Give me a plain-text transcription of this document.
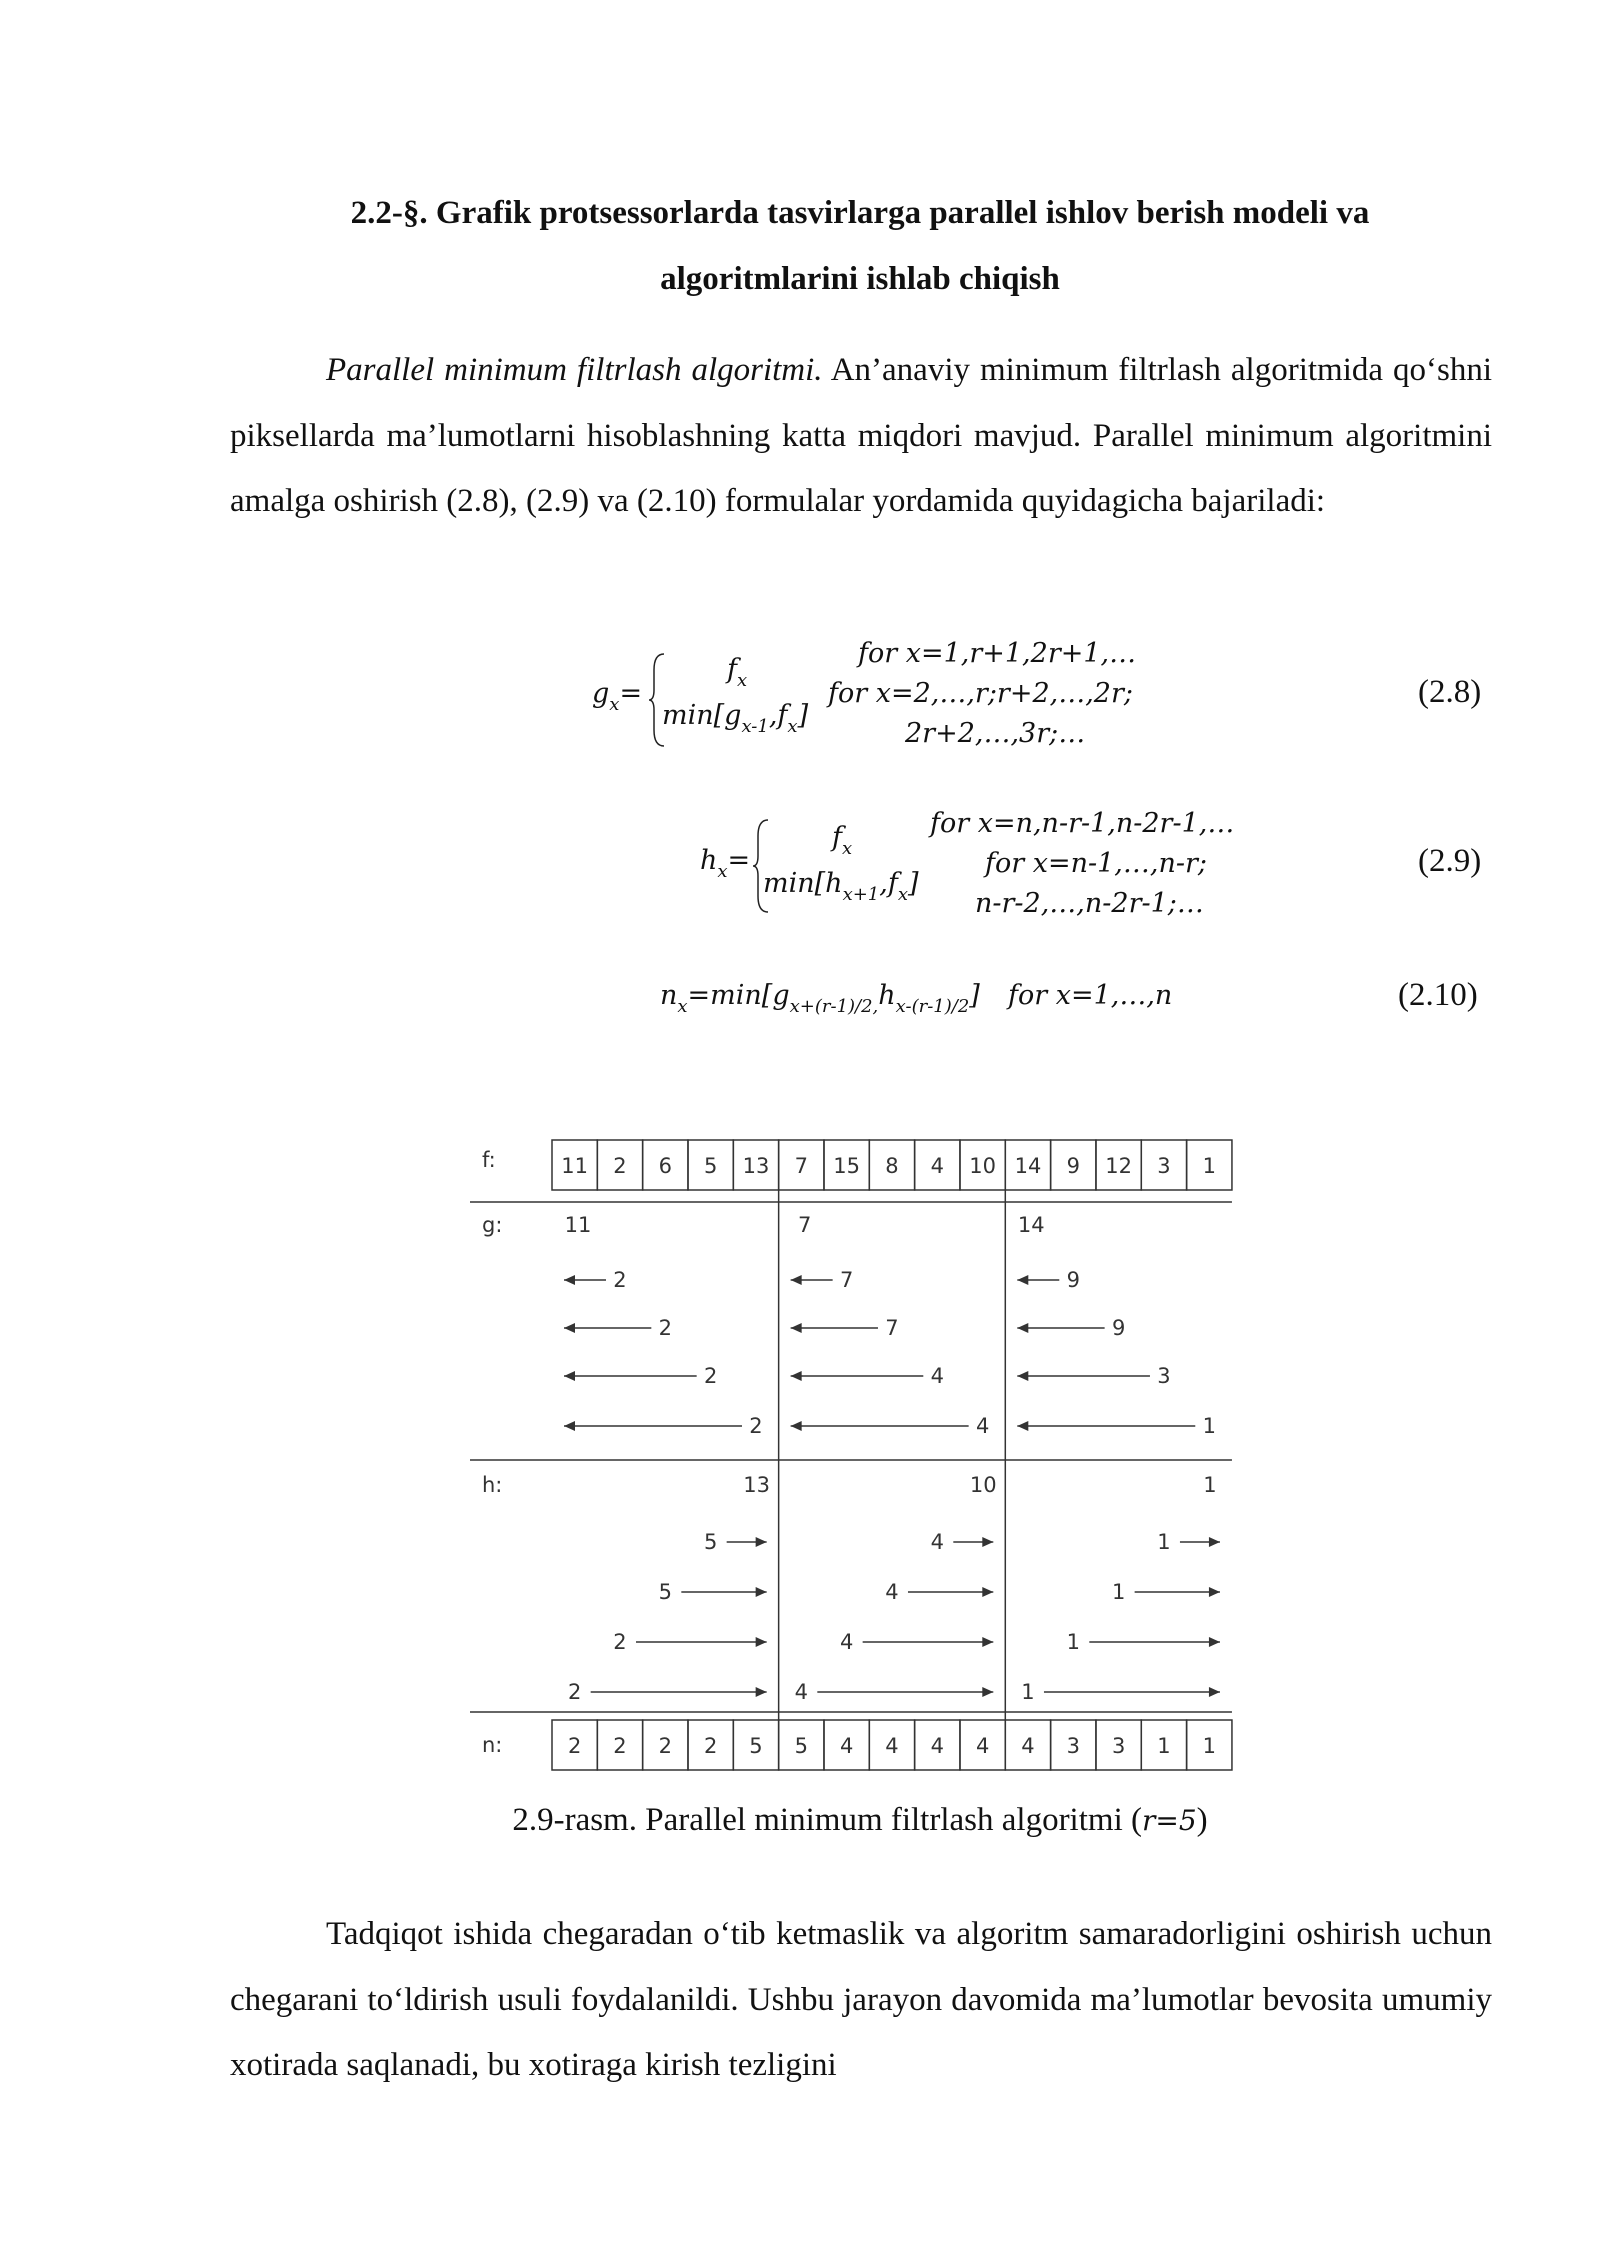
2.2-§. Grafik protsessorlarda tasvirlarga parallel ishlov berish modeli va
algoritmlarini ishlab chiqish
Parallel minimum filtrlash algoritmi. An’anaviy minimum filtrlash algoritmida qo‘shni piksellarda ma’lumotlarni hisoblashning katta miqdori mavjud. Parallel minimum algoritmini amalga oshirish (2.8), (2.9) va (2.10) formulalar yordamida quyidagicha bajariladi:
$g_x=$
$f_x$
$\min[g_{x-1},f_x]$
for x=1,r+1,2r+1,…
for x=2,…,r;r+2,…,2r;
2r+2,…,3r;…
(2.8)
$h_x=$
$f_x$
$\min[h_{x+1},f_x]$
for x=n,n-r-1,n-2r-1,…
for x=n-1,…,n-r;
n-r-2,…,n-2r-1;…
(2.9)
$n_x=\min[g_{x+(r-1)/2,}h_{x-(r-1)/2}]$ for x=1,…,n	(2.10)
f:
g:
h:
n:
11 2 6 5 13 7 15 8 4 10 14 9 12 3 1
2 2 2 2 5 5 4 4 4 4 4 3 3 1 1
11
2
2
2
2
7
7
7
4
4
14
9
9
3
1
13
5
5
2
2
10
4
4
4
4
1
1
1
1
1
2.9-rasm. Parallel minimum filtrlash algoritmi (r=5)
Tadqiqot ishida chegaradan o‘tib ketmaslik va algoritm samaradorligini oshirish uchun chegarani to‘ldirish usuli foydalanildi. Ushbu jarayon davomida ma’lumotlar bevosita umumiy xotirada saqlanadi, bu xotiraga kirish tezligini
